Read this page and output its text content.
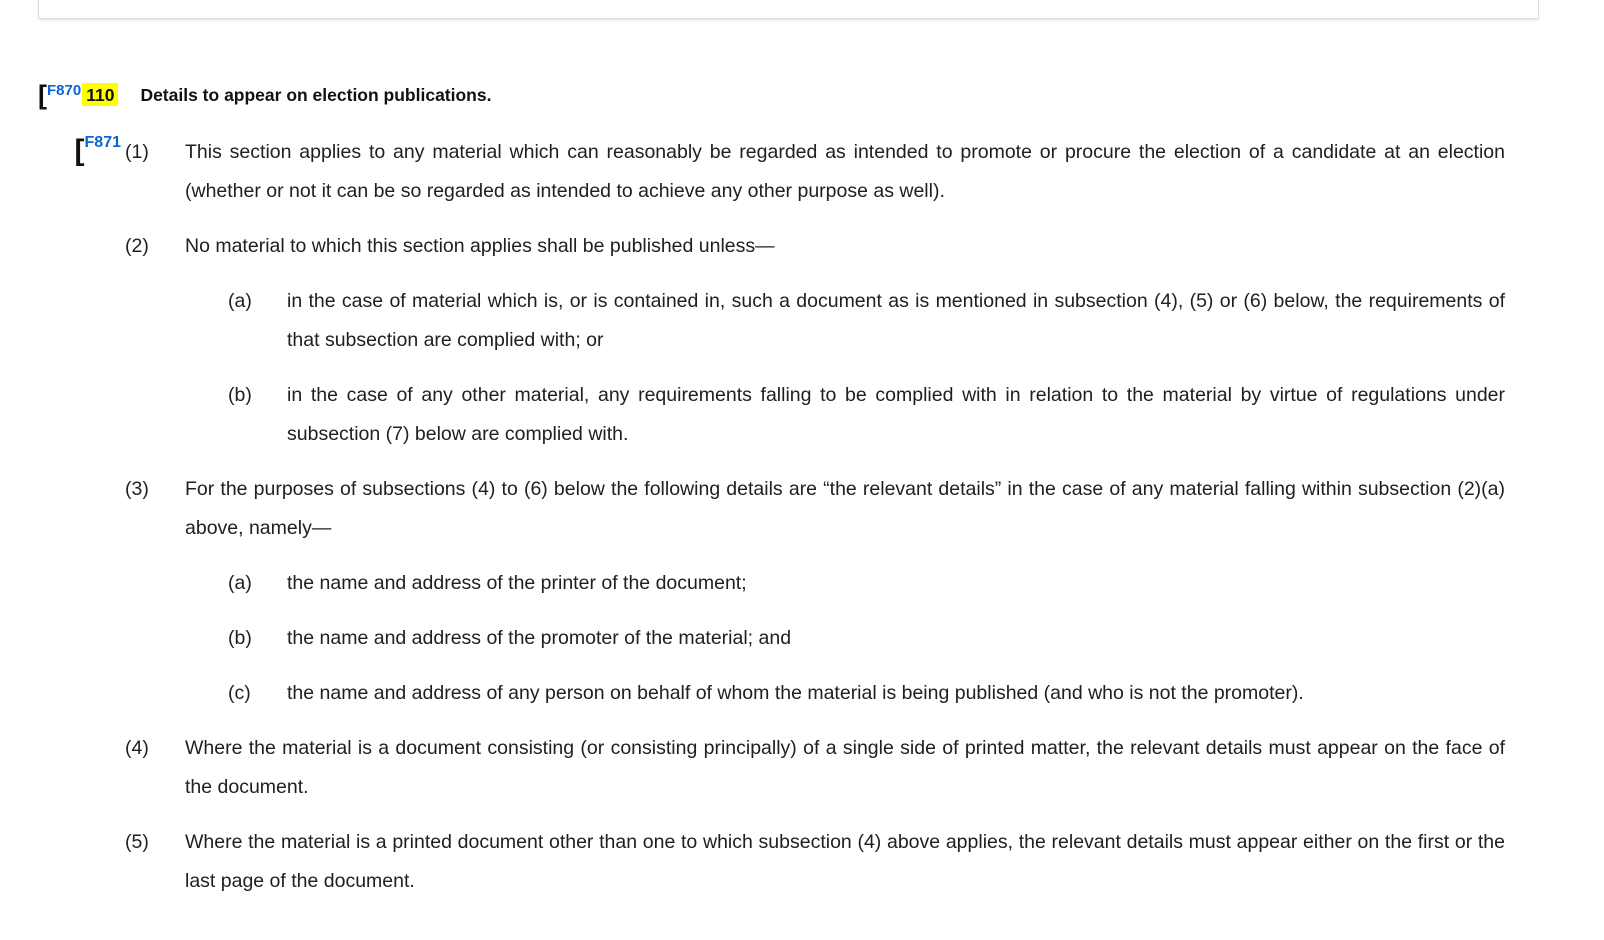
[F870 110 Details to appear on election publications.
[$^{F871}$ (1)	This section applies to any material which can reasonably be regarded as intended to promote or procure the election of a candidate at an election (whether or not it can be so regarded as intended to achieve any other purpose as well).
(2)	No material to which this section applies shall be published unless—
(a)	in the case of material which is, or is contained in, such a document as is mentioned in subsection (4), (5) or (6) below, the requirements of that subsection are complied with; or
(b)	in the case of any other material, any requirements falling to be complied with in relation to the material by virtue of regulations under subsection (7) below are complied with.
(3)	For the purposes of subsections (4) to (6) below the following details are “the relevant details” in the case of any material falling within subsection (2)(a) above, namely—
(a)	the name and address of the printer of the document;
(b)	the name and address of the promoter of the material; and
(c)	the name and address of any person on behalf of whom the material is being published (and who is not the promoter).
(4)	Where the material is a document consisting (or consisting principally) of a single side of printed matter, the relevant details must appear on the face of the document.
(5)	Where the material is a printed document other than one to which subsection (4) above applies, the relevant details must appear either on the first or the last page of the document.
